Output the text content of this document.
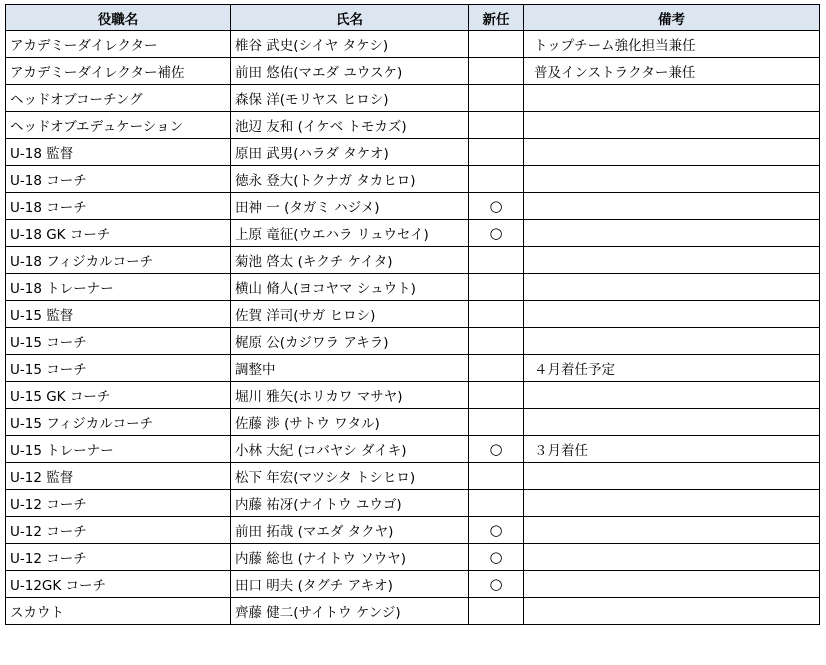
役職名	氏名	新任	備考
アカデミーダイレクター	椎谷 武史(シイヤ タケシ)		トップチーム強化担当兼任
アカデミーダイレクター補佐	前田 悠佑(マエダ ユウスケ)		普及インストラクター兼任
ヘッドオブコーチング	森保 洋(モリヤス ヒロシ)		
ヘッドオブエデュケーション	池辺 友和 (イケベ トモカズ)		
U-18 監督	原田 武男(ハラダ タケオ)		
U-18 コーチ	徳永 登大(トクナガ タカヒロ)		
U-18 コーチ	田神 一 (タガミ ハジメ)	○	
U-18 GK コーチ	上原 竜征(ウエハラ リュウセイ)	○	
U-18 フィジカルコーチ	菊池 啓太 (キクチ ケイタ)		
U-18 トレーナー	横山 脩人(ヨコヤマ シュウト)		
U-15 監督	佐賀 洋司(サガ ヒロシ)		
U-15 コーチ	梶原 公(カジワラ アキラ)		
U-15 コーチ	調整中		４月着任予定
U-15 GK コーチ	堀川 雅矢(ホリカワ マサヤ)		
U-15 フィジカルコーチ	佐藤 渉 (サトウ ワタル)		
U-15 トレーナー	小林 大紀 (コバヤシ ダイキ)	○	３月着任
U-12 監督	松下 年宏(マツシタ トシヒロ)		
U-12 コーチ	内藤 祐冴(ナイトウ ユウゴ)		
U-12 コーチ	前田 拓哉 (マエダ タクヤ)	○	
U-12 コーチ	内藤 総也 (ナイトウ ソウヤ)	○	
U-12GK コーチ	田口 明夫 (タグチ アキオ)	○	
スカウト	齊藤 健二(サイトウ ケンジ)		
